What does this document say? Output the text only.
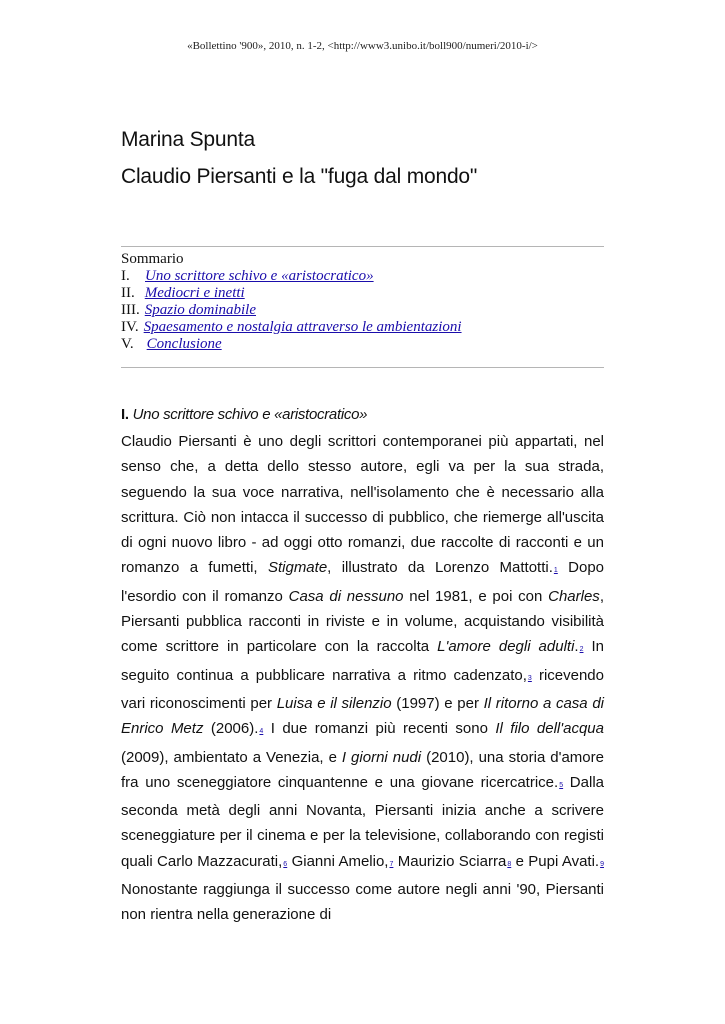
«Bollettino '900», 2010, n. 1-2, <http://www3.unibo.it/boll900/numeri/2010-i/>
Marina Spunta
Claudio Piersanti e la "fuga dal mondo"
Sommario
I.	Uno scrittore schivo e «aristocratico»
II. Mediocri e inetti
III. Spazio dominabile
IV. Spaesamento e nostalgia attraverso le ambientazioni
V. Conclusione
I. Uno scrittore schivo e «aristocratico»

Claudio Piersanti è uno degli scrittori contemporanei più appartati, nel senso che, a detta dello stesso autore, egli va per la sua strada, seguendo la sua voce narrativa, nell'isolamento che è necessario alla scrittura. Ciò non intacca il successo di pubblico, che riemerge all'uscita di ogni nuovo libro - ad oggi otto romanzi, due raccolte di racconti e un romanzo a fumetti, Stigmate, illustrato da Lorenzo Mattotti.1 Dopo l'esordio con il romanzo Casa di nessuno nel 1981, e poi con Charles, Piersanti pubblica racconti in riviste e in volume, acquistando visibilità come scrittore in particolare con la raccolta L'amore degli adulti.2 In seguito continua a pubblicare narrativa a ritmo cadenzato,3 ricevendo vari riconoscimenti per Luisa e il silenzio (1997) e per Il ritorno a casa di Enrico Metz (2006).4 I due romanzi più recenti sono Il filo dell'acqua (2009), ambientato a Venezia, e I giorni nudi (2010), una storia d'amore fra uno sceneggiatore cinquantenne e una giovane ricercatrice.5 Dalla seconda metà degli anni Novanta, Piersanti inizia anche a scrivere sceneggiature per il cinema e per la televisione, collaborando con registi quali Carlo Mazzacurati,6 Gianni Amelio,7 Maurizio Sciarra8 e Pupi Avati.9 Nonostante raggiunga il successo come autore negli anni '90, Piersanti non rientra nella generazione di
